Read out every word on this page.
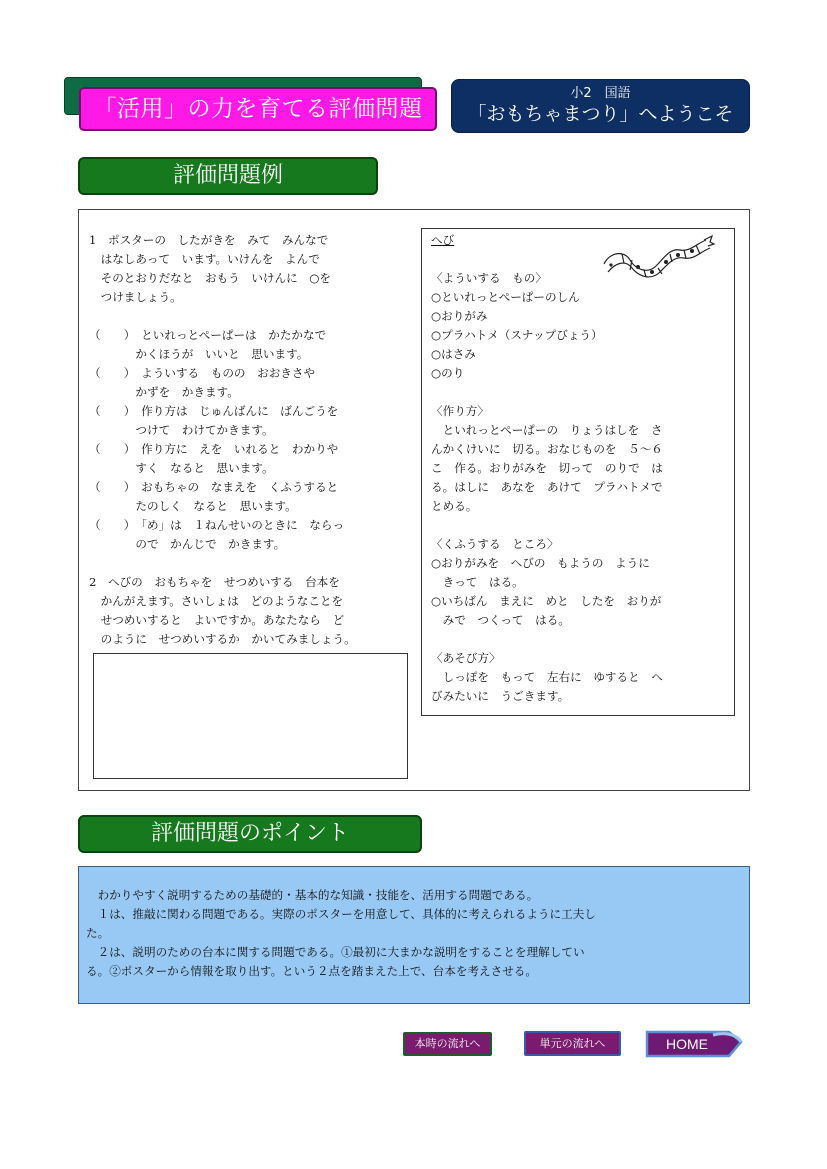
「活用」の力を育てる評価問題
小2　国語
「おもちゃまつり」へようこそ
評価問題例

1　ポスターの　したがきを　みて　みんなで

　はなしあって　います。いけんを　よんで

　そのとおりだなと　おもう　いけんに　○を

　つけましょう。

（　　）　といれっとぺーぱーは　かたかなで

　　　　かくほうが　いいと　思います。

（　　）　よういする　ものの　おおきさや

　　　　かずを　かきます。

（　　）　作り方は　じゅんばんに　ばんごうを

　　　　つけて　わけてかきます。

（　　）　作り方に　えを　いれると　わかりや

　　　　すく　なると　思います。

（　　）　おもちゃの　なまえを　くふうすると

　　　　たのしく　なると　思います。

（　　）　「め」は　１ねんせいのときに　ならっ

　　　　ので　かんじで　かきます。

2　へびの　おもちゃを　せつめいする　台本を

　かんがえます。さいしょは　どのようなことを

　せつめいすると　よいですか。あなたなら　ど

　のように　せつめいするか　かいてみましょう。

へび

〈よういする　もの〉

○といれっとぺーぱーのしん

○おりがみ

○プラハトメ（スナップびょう）

○はさみ

○のり

〈作り方〉

　といれっとぺーぱーの　りょうはしを　さ

んかくけいに　切る。おなじものを　５～６

こ　作る。おりがみを　切って　のりで　は

る。はしに　あなを　あけて　プラハトメで

とめる。

〈くふうする　ところ〉

○おりがみを　へびの　もようの　ように

　きって　はる。

○いちばん　まえに　めと　したを　おりが

　みで　つくって　はる。

〈あそび方〉

　しっぽを　もって　左右に　ゆすると　へ

びみたいに　うごきます。

評価問題のポイント

　わかりやすく説明するための基礎的・基本的な知識・技能を、活用する問題である。

　１は、推敲に関わる問題である。実際のポスターを用意して、具体的に考えられるように工夫し

た。

　２は、説明のための台本に関する問題である。①最初に大まかな説明をすることを理解してい

る。②ポスターから情報を取り出す。という２点を踏まえた上で、台本を考えさせる。

本時の流れへ	単元の流れへ	HOME
